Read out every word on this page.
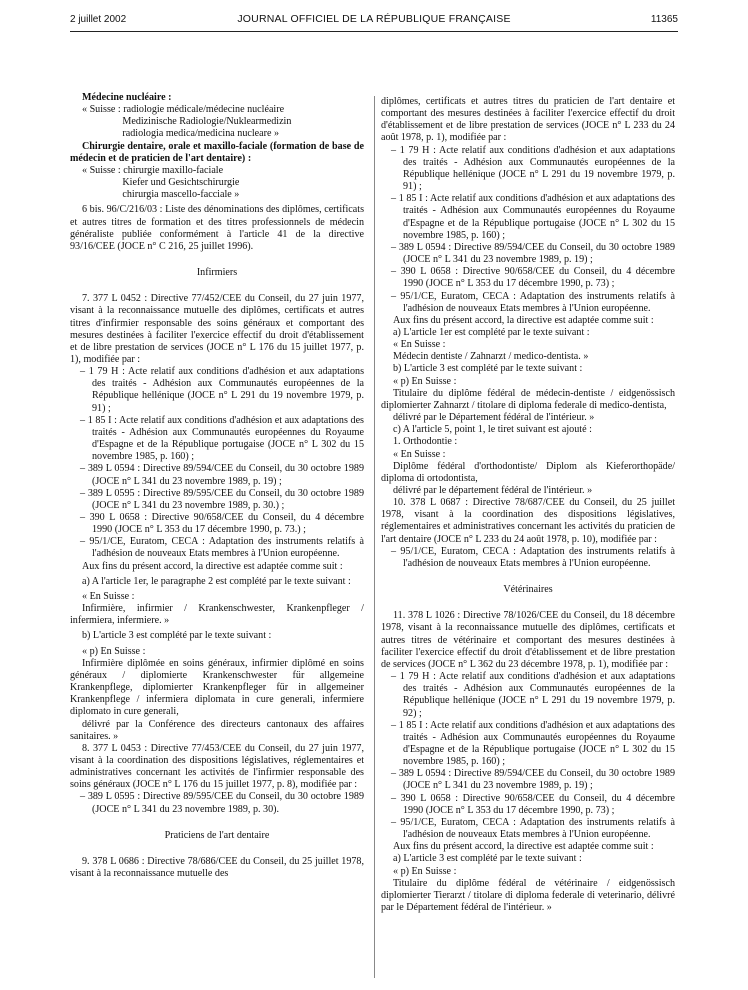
2 juillet 2002	JOURNAL OFFICIEL DE LA RÉPUBLIQUE FRANÇAISE	11365

Médecine nucléaire :

« Suisse : radiologie médicale/médecine nucléaire

Medizinische Radiologie/Nuklearmedizin

radiologia medica/medicina nucleare »

Chirurgie dentaire, orale et maxillo-faciale (formation de base de médecin et de praticien de l'art dentaire) :

« Suisse : chirurgie maxillo-faciale

Kiefer und Gesichtschirurgie

chirurgia mascello-facciale »

6 bis. 96/C/216/03 : Liste des dénominations des diplômes, certificats et autres titres de formation et des titres professionnels de médecin généraliste publiée conformément à l'article 41 de la directive 93/16/CEE (JOCE n° C 216, 25 juillet 1996).

Infirmiers

7. 377 L 0452 : Directive 77/452/CEE du Conseil, du 27 juin 1977, visant à la reconnaissance mutuelle des diplômes, certificats et autres titres d'infirmier responsable des soins généraux et comportant des mesures destinées à faciliter l'exercice effectif du droit d'établissement et de libre prestation de services (JOCE n° L 176 du 15 juillet 1977, p. 1), modifiée par :

– 1 79 H : Acte relatif aux conditions d'adhésion et aux adaptations des traités - Adhésion aux Communautés européennes de la République hellénique (JOCE n° L 291 du 19 novembre 1979, p. 91) ;

– 1 85 I : Acte relatif aux conditions d'adhésion et aux adaptations des traités - Adhésion aux Communautés européennes du Royaume d'Espagne et de la République portugaise (JOCE n° L 302 du 15 novembre 1985, p. 160) ;

– 389 L 0594 : Directive 89/594/CEE du Conseil, du 30 octobre 1989 (JOCE n° L 341 du 23 novembre 1989, p. 19) ;

– 389 L 0595 : Directive 89/595/CEE du Conseil, du 30 octobre 1989 (JOCE n° L 341 du 23 novembre 1989, p. 30.) ;

– 390 L 0658 : Directive 90/658/CEE du Conseil, du 4 décembre 1990 (JOCE n° L 353 du 17 décembre 1990, p. 73.) ;

– 95/1/CE, Euratom, CECA : Adaptation des instruments relatifs à l'adhésion de nouveaux Etats membres à l'Union européenne.

Aux fins du présent accord, la directive est adaptée comme suit :

a) A l'article 1er, le paragraphe 2 est complété par le texte suivant :

« En Suisse :

Infirmière, infirmier / Krankenschwester, Krankenpfleger / infermiera, infermiere. »

b) L'article 3 est complété par le texte suivant :

« p) En Suisse :

Infirmière diplômée en soins généraux, infirmier diplômé en soins généraux / diplomierte Krankenschwester für allgemeine Krankenpflege, diplomierter Krankenpfleger für in allgemeiner Krankenpflege / infermiera diplomata in cure generali, infermiere diplomato in cure generali,

délivré par la Conférence des directeurs cantonaux des affaires sanitaires. »

8. 377 L 0453 : Directive 77/453/CEE du Conseil, du 27 juin 1977, visant à la coordination des dispositions législatives, réglementaires et administratives concernant les activités de l'infirmier responsable des soins généraux (JOCE n° L 176 du 15 juillet 1977, p. 8), modifiée par :

– 389 L 0595 : Directive 89/595/CEE du Conseil, du 30 octobre 1989 (JOCE n° L 341 du 23 novembre 1989, p. 30).

Praticiens de l'art dentaire

9. 378 L 0686 : Directive 78/686/CEE du Conseil, du 25 juillet 1978, visant à la reconnaissance mutuelle des

diplômes, certificats et autres titres du praticien de l'art dentaire et comportant des mesures destinées à faciliter l'exercice effectif du droit d'établissement et de libre prestation de services (JOCE n° L 233 du 24 août 1978, p. 1), modifiée par :

– 1 79 H : Acte relatif aux conditions d'adhésion et aux adaptations des traités - Adhésion aux Communautés européennes de la République hellénique (JOCE n° L 291 du 19 novembre 1979, p. 91) ;

– 1 85 I : Acte relatif aux conditions d'adhésion et aux adaptations des traités - Adhésion aux Communautés européennes du Royaume d'Espagne et de la République portugaise (JOCE n° L 302 du 15 novembre 1985, p. 160) ;

– 389 L 0594 : Directive 89/594/CEE du Conseil, du 30 octobre 1989 (JOCE n° L 341 du 23 novembre 1989, p. 19) ;

– 390 L 0658 : Directive 90/658/CEE du Conseil, du 4 décembre 1990 (JOCE n° L 353 du 17 décembre 1990, p. 73) ;

– 95/1/CE, Euratom, CECA : Adaptation des instruments relatifs à l'adhésion de nouveaux Etats membres à l'Union européenne.

Aux fins du présent accord, la directive est adaptée comme suit :

a) L'article 1er est complété par le texte suivant :

« En Suisse :

Médecin dentiste / Zahnarzt / medico-dentista. »

b) L'article 3 est complété par le texte suivant :

« p) En Suisse :

Titulaire du diplôme fédéral de médecin-dentiste / eidgenössisch diplomierter Zahnarzt / titolare di diploma federale di medico-dentista,

délivré par le Département fédéral de l'intérieur. »

c) A l'article 5, point 1, le tiret suivant est ajouté :

1. Orthodontie :

« En Suisse :

Diplôme fédéral d'orthodontiste/ Diplom als Kieferorthopäde/ diploma di ortodontista,

délivré par le département fédéral de l'intérieur. »

10. 378 L 0687 : Directive 78/687/CEE du Conseil, du 25 juillet 1978, visant à la coordination des dispositions législatives, réglementaires et administratives concernant les activités du praticien de l'art dentaire (JOCE n° L 233 du 24 août 1978, p. 10), modifiée par :

– 95/1/CE, Euratom, CECA : Adaptation des instruments relatifs à l'adhésion de nouveaux Etats membres à l'Union européenne.

Vétérinaires

11. 378 L 1026 : Directive 78/1026/CEE du Conseil, du 18 décembre 1978, visant à la reconnaissance mutuelle des diplômes, certificats et autres titres de vétérinaire et comportant des mesures destinées à faciliter l'exercice effectif du droit d'établissement et de libre prestation de services (JOCE n° L 362 du 23 décembre 1978, p. 1), modifiée par :

– 1 79 H : Acte relatif aux conditions d'adhésion et aux adaptations des traités - Adhésion aux Communautés européennes de la République hellénique (JOCE n° L 291 du 19 novembre 1979, p. 92) ;

– 1 85 I : Acte relatif aux conditions d'adhésion et aux adaptations des traités - Adhésion aux Communautés européennes du Royaume d'Espagne et de la République portugaise (JOCE n° L 302 du 15 novembre 1985, p. 160) ;

– 389 L 0594 : Directive 89/594/CEE du Conseil, du 30 octobre 1989 (JOCE n° L 341 du 23 novembre 1989, p. 19) ;

– 390 L 0658 : Directive 90/658/CEE du Conseil, du 4 décembre 1990 (JOCE n° L 353 du 17 décembre 1990, p. 73) ;

– 95/1/CE, Euratom, CECA : Adaptation des instruments relatifs à l'adhésion de nouveaux Etats membres à l'Union européenne.

Aux fins du présent accord, la directive est adaptée comme suit :

a) L'article 3 est complété par le texte suivant :

« p) En Suisse :

Titulaire du diplôme fédéral de vétérinaire / eidgenössisch diplomierter Tierarzt / titolare di diploma federale di veterinario, délivré par le Département fédéral de l'intérieur. »
